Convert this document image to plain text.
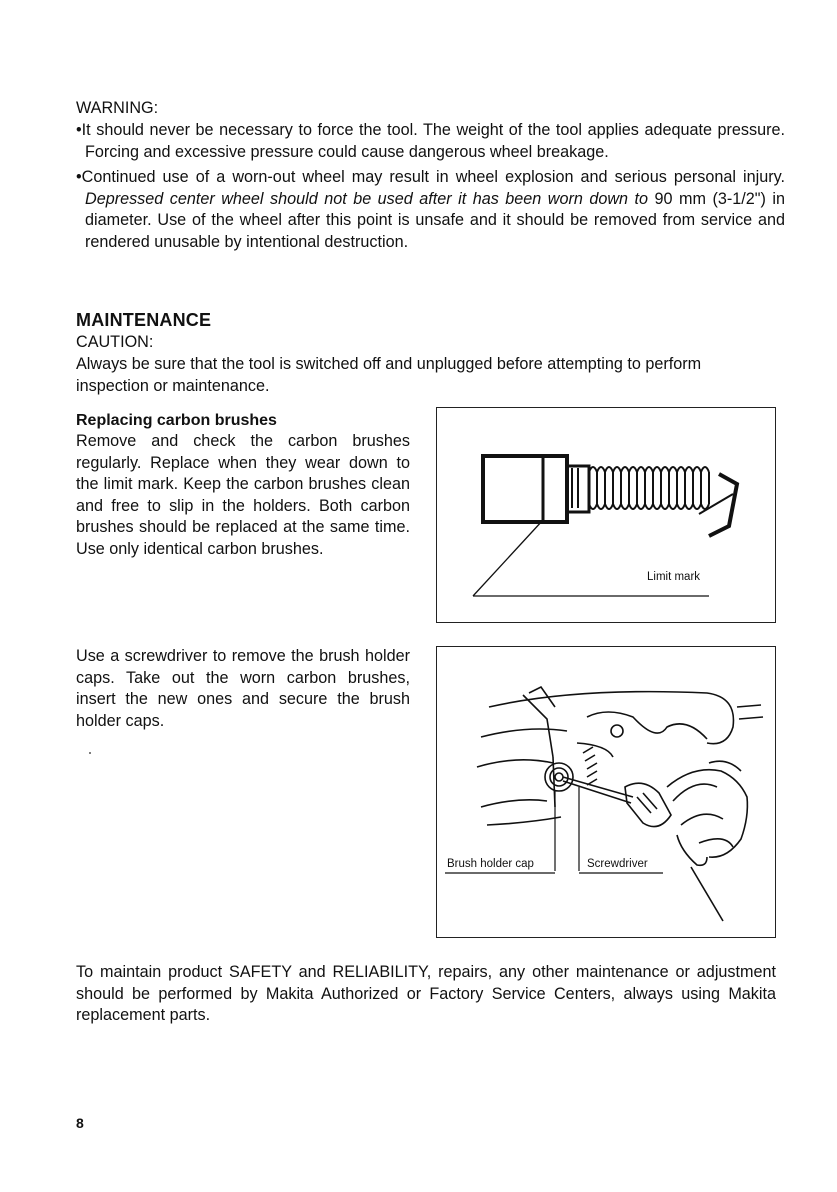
WARNING:
•It should never be necessary to force the tool. The weight of the tool applies adequate pressure. Forcing and excessive pressure could cause dangerous wheel breakage.
•Continued use of a worn-out wheel may result in wheel explosion and serious personal injury. Depressed center wheel should not be used after it has been worn down to 90 mm (3-1/2") in diameter. Use of the wheel after this point is unsafe and it should be removed from service and rendered unusable by intentional destruction.
MAINTENANCE
CAUTION:
Always be sure that the tool is switched off and unplugged before attempting to perform inspection or maintenance.
Replacing carbon brushes
Remove and check the carbon brushes regularly. Replace when they wear down to the limit mark. Keep the carbon brushes clean and free to slip in the holders. Both carbon brushes should be replaced at the same time. Use only identical carbon brushes.
Limit mark
Use a screwdriver to remove the brush holder caps. Take out the worn carbon brushes, insert the new ones and secure the brush holder caps.
Brush holder cap	Screwdriver
To maintain product SAFETY and RELIABILITY, repairs, any other maintenance or adjustment should be performed by Makita Authorized or Factory Service Centers, always using Makita replacement parts.
8
